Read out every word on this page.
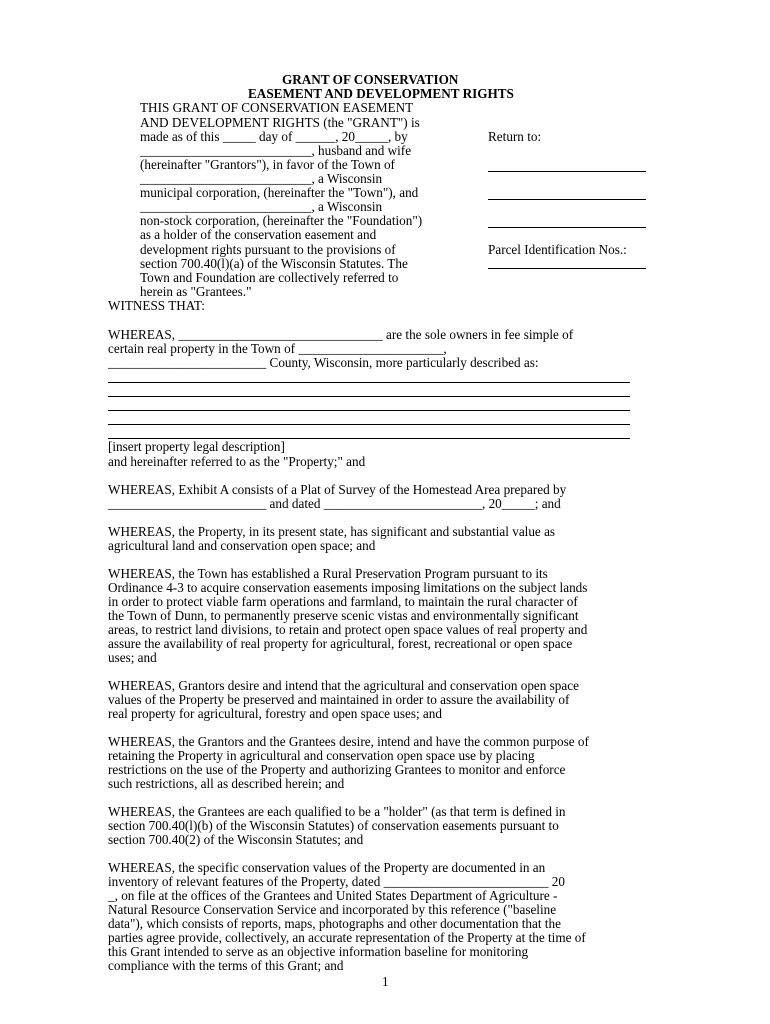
GRANT OF CONSERVATION
EASEMENT AND DEVELOPMENT RIGHTS
THIS GRANT OF CONSERVATION EASEMENT
AND DEVELOPMENT RIGHTS (the "GRANT") is
made as of this _____ day of ______, 20_____, by
__________________________, husband and wife
(hereinafter "Grantors"), in favor of the Town of
__________________________, a Wisconsin
municipal corporation, (hereinafter the "Town"), and
__________________________, a Wisconsin
non-stock corporation, (hereinafter the "Foundation")
as a holder of the conservation easement and
development rights pursuant to the provisions of
section 700.40(l)(a) of the Wisconsin Statutes. The
Town and Foundation are collectively referred to
herein as "Grantees."
Return to:
Parcel Identification Nos.:
WITNESS THAT:
WHEREAS, _______________________________ are the sole owners in fee simple of
certain real property in the Town of ______________________,
________________________ County, Wisconsin, more particularly described as:
[insert property legal description]
and hereinafter referred to as the "Property;" and
WHEREAS, Exhibit A consists of a Plat of Survey of the Homestead Area prepared by
________________________ and dated ________________________, 20_____; and
WHEREAS, the Property, in its present state, has significant and substantial value as
agricultural land and conservation open space; and
WHEREAS, the Town has established a Rural Preservation Program pursuant to its
Ordinance 4-3 to acquire conservation easements imposing limitations on the subject lands
in order to protect viable farm operations and farmland, to maintain the rural character of
the Town of Dunn, to permanently preserve scenic vistas and environmentally significant
areas, to restrict land divisions, to retain and protect open space values of real property and
assure the availability of real property for agricultural, forest, recreational or open space
uses; and
WHEREAS, Grantors desire and intend that the agricultural and conservation open space
values of the Property be preserved and maintained in order to assure the availability of
real property for agricultural, forestry and open space uses; and
WHEREAS, the Grantors and the Grantees desire, intend and have the common purpose of
retaining the Property in agricultural and conservation open space use by placing
restrictions on the use of the Property and authorizing Grantees to monitor and enforce
such restrictions, all as described herein; and
WHEREAS, the Grantees are each qualified to be a "holder" (as that term is defined in
section 700.40(l)(b) of the Wisconsin Statutes) of conservation easements pursuant to
section 700.40(2) of the Wisconsin Statutes; and
WHEREAS, the specific conservation values of the Property are documented in an
inventory of relevant features of the Property, dated _________________________ 20
_, on file at the offices of the Grantees and United States Department of Agriculture -
Natural Resource Conservation Service and incorporated by this reference ("baseline
data"), which consists of reports, maps, photographs and other documentation that the
parties agree provide, collectively, an accurate representation of the Property at the time of
this Grant intended to serve as an objective information baseline for monitoring
compliance with the terms of this Grant; and
1
